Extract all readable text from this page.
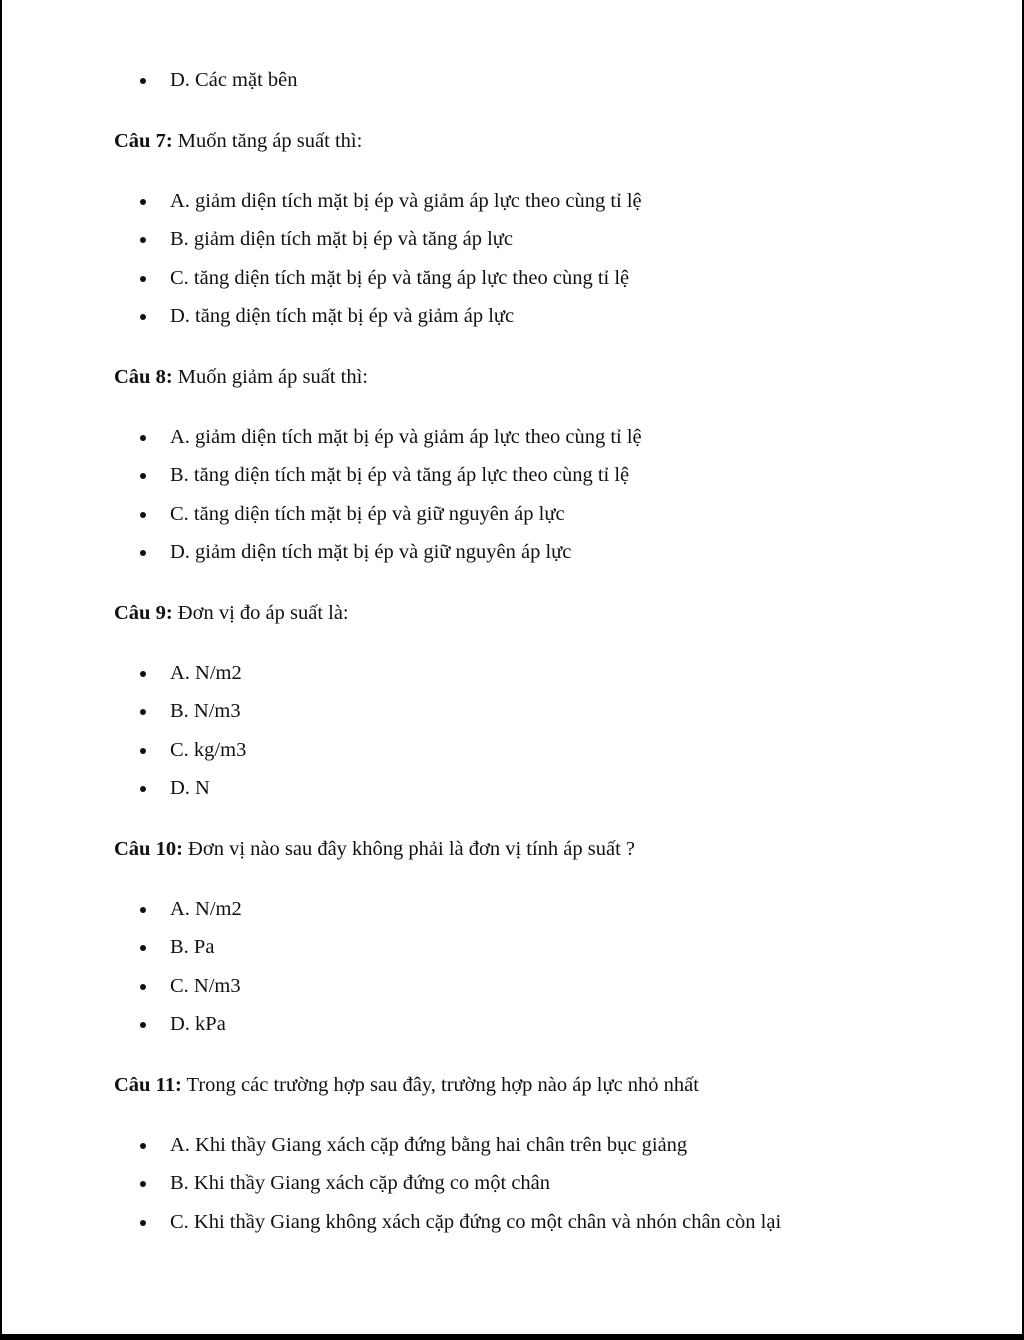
D. Các mặt bên
Câu 7: Muốn tăng áp suất thì:
A. giảm diện tích mặt bị ép và giảm áp lực theo cùng tỉ lệ
B. giảm diện tích mặt bị ép và tăng áp lực
C. tăng diện tích mặt bị ép và tăng áp lực theo cùng tỉ lệ
D. tăng diện tích mặt bị ép và giảm áp lực
Câu 8: Muốn giảm áp suất thì:
A. giảm diện tích mặt bị ép và giảm áp lực theo cùng tỉ lệ
B. tăng diện tích mặt bị ép và tăng áp lực theo cùng tỉ lệ
C. tăng diện tích mặt bị ép và giữ nguyên áp lực
D. giảm diện tích mặt bị ép và giữ nguyên áp lực
Câu 9: Đơn vị đo áp suất là:
A. N/m2
B. N/m3
C. kg/m3
D. N
Câu 10: Đơn vị nào sau đây không phải là đơn vị tính áp suất ?
A. N/m2
B. Pa
C. N/m3
D. kPa
Câu 11: Trong các trường hợp sau đây, trường hợp nào áp lực nhỏ nhất
A. Khi thầy Giang xách cặp đứng bằng hai chân trên bục giảng
B. Khi thầy Giang xách cặp đứng co một chân
C. Khi thầy Giang không xách cặp đứng co một chân và nhón chân còn lại
